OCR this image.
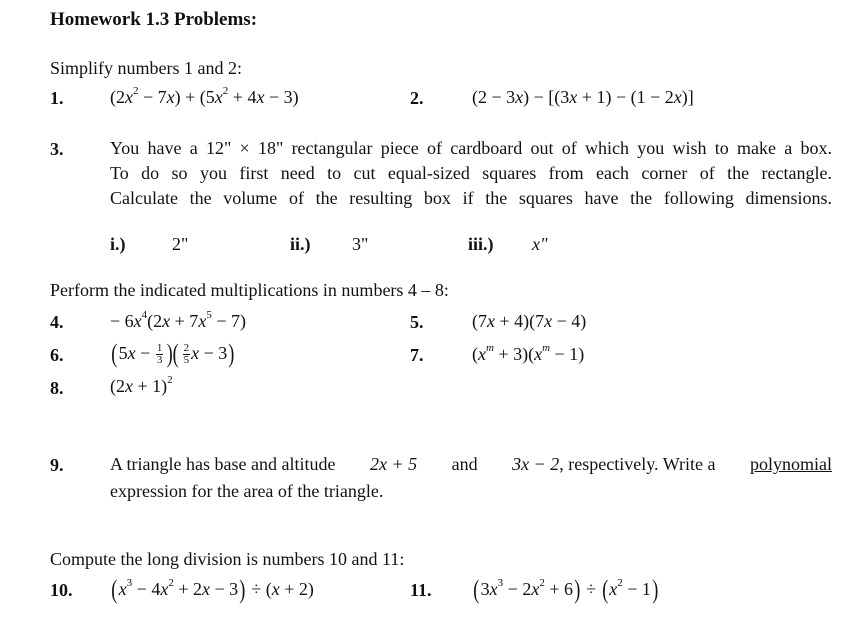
Homework 1.3 Problems:
Simplify numbers 1 and 2:
1.	$(2x^2 - 7x) + (5x^2 + 4x - 3)$	2.	(2 − 3x) − [(3x + 1) − (1 − 2x)]
3.	You have a 12" × 18" rectangular piece of cardboard out of which you wish to make a box.
To do so you first need to cut equal-sized squares from each corner of the rectangle.
Calculate the volume of the resulting box if the squares have the following dimensions.
i.)	2"	ii.) 3"	iii.) x"
Perform the indicated multiplications in numbers 4 – 8:
4.	− $6x^4(2x + 7x^5 - 7)$	5.	(7x + 4)(7x − 4)
6. ($5x - \frac{1}{3}$ )( $\frac{2}{5}$ x − 3)	7.	$(x^m + 3)(x^m - 1)$
8.	$(2x + 1)^2$
9.	A triangle has base and altitude 2x + 5 and 3x − 2, respectively. Write a polynomial
expression for the area of the triangle.
Compute the long division is numbers 10 and 11:
10. $(x^3 - 4x^2 + 2x - 3) \div (x + 2)$	11. $(3x^3 - 2x^2 + 6) \div (x^2 - 1)$
